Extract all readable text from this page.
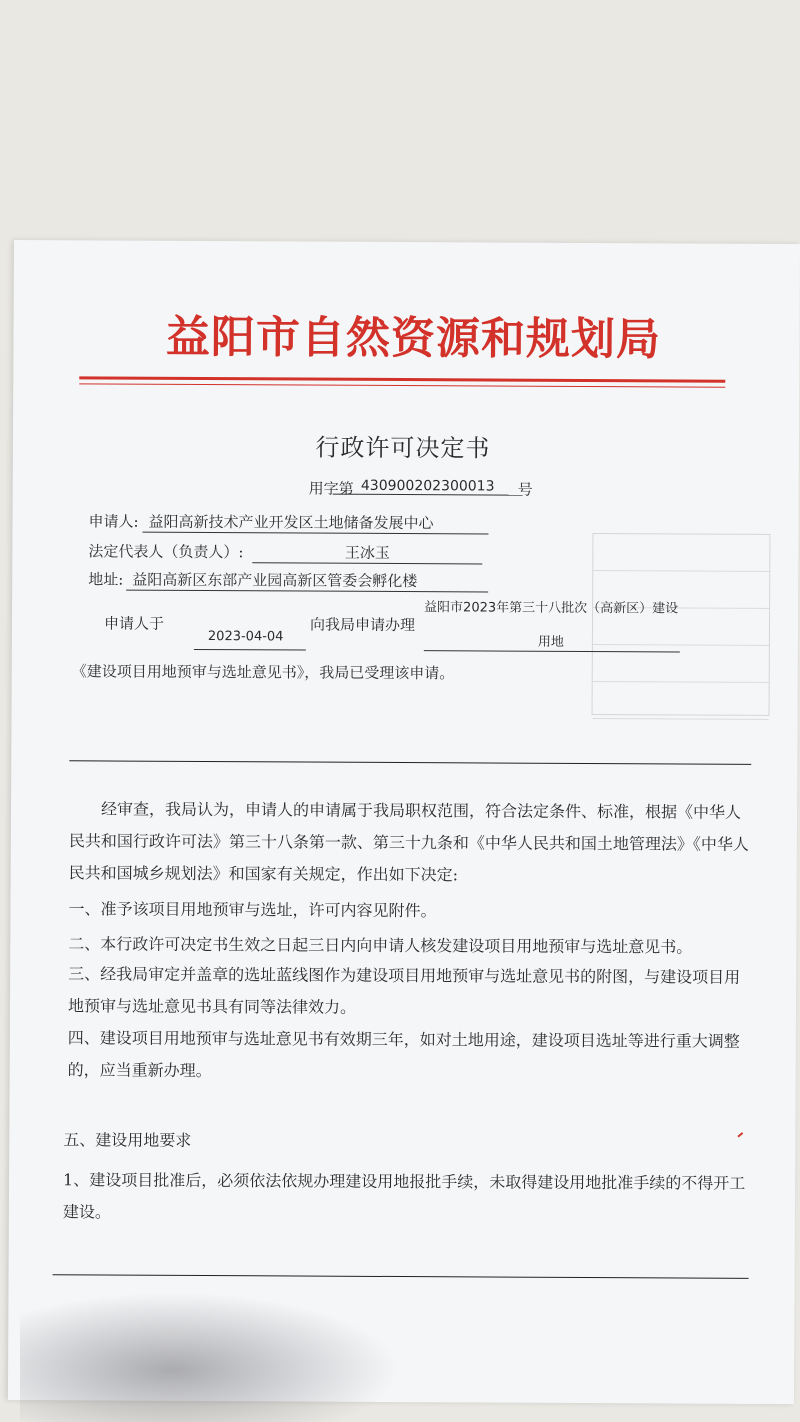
益阳市自然资源和规划局
行政许可决定书
用字第 430900202300013	号
申请人: 益阳高新技术产业开发区土地储备发展中心
法定代表人（负责人）:	王冰玉
地址: 益阳高新区东部产业园高新区管委会孵化楼
申请人于
益阳市2023年第三十八批次（高新区）建设
向我局申请办理
2023-04-04	用地
《建设项目用地预审与选址意见书》，我局已受理该申请。
经审查，我局认为，申请人的申请属于我局职权范围，符合法定条件、标准，根据《中华人民共和国行政许可法》第三十八条第一款、第三十九条和《中华人民共和国土地管理法》《中华人民共和国城乡规划法》和国家有关规定，作出如下决定:
一、准予该项目用地预审与选址，许可内容见附件。
二、本行政许可决定书生效之日起三日内向申请人核发建设项目用地预审与选址意见书。
三、经我局审定并盖章的选址蓝线图作为建设项目用地预审与选址意见书的附图，与建设项目用地预审与选址意见书具有同等法律效力。
四、建设项目用地预审与选址意见书有效期三年，如对土地用途，建设项目选址等进行重大调整的，应当重新办理。
五、建设用地要求
1、建设项目批准后，必须依法依规办理建设用地报批手续，未取得建设用地批准手续的不得开工建设。
